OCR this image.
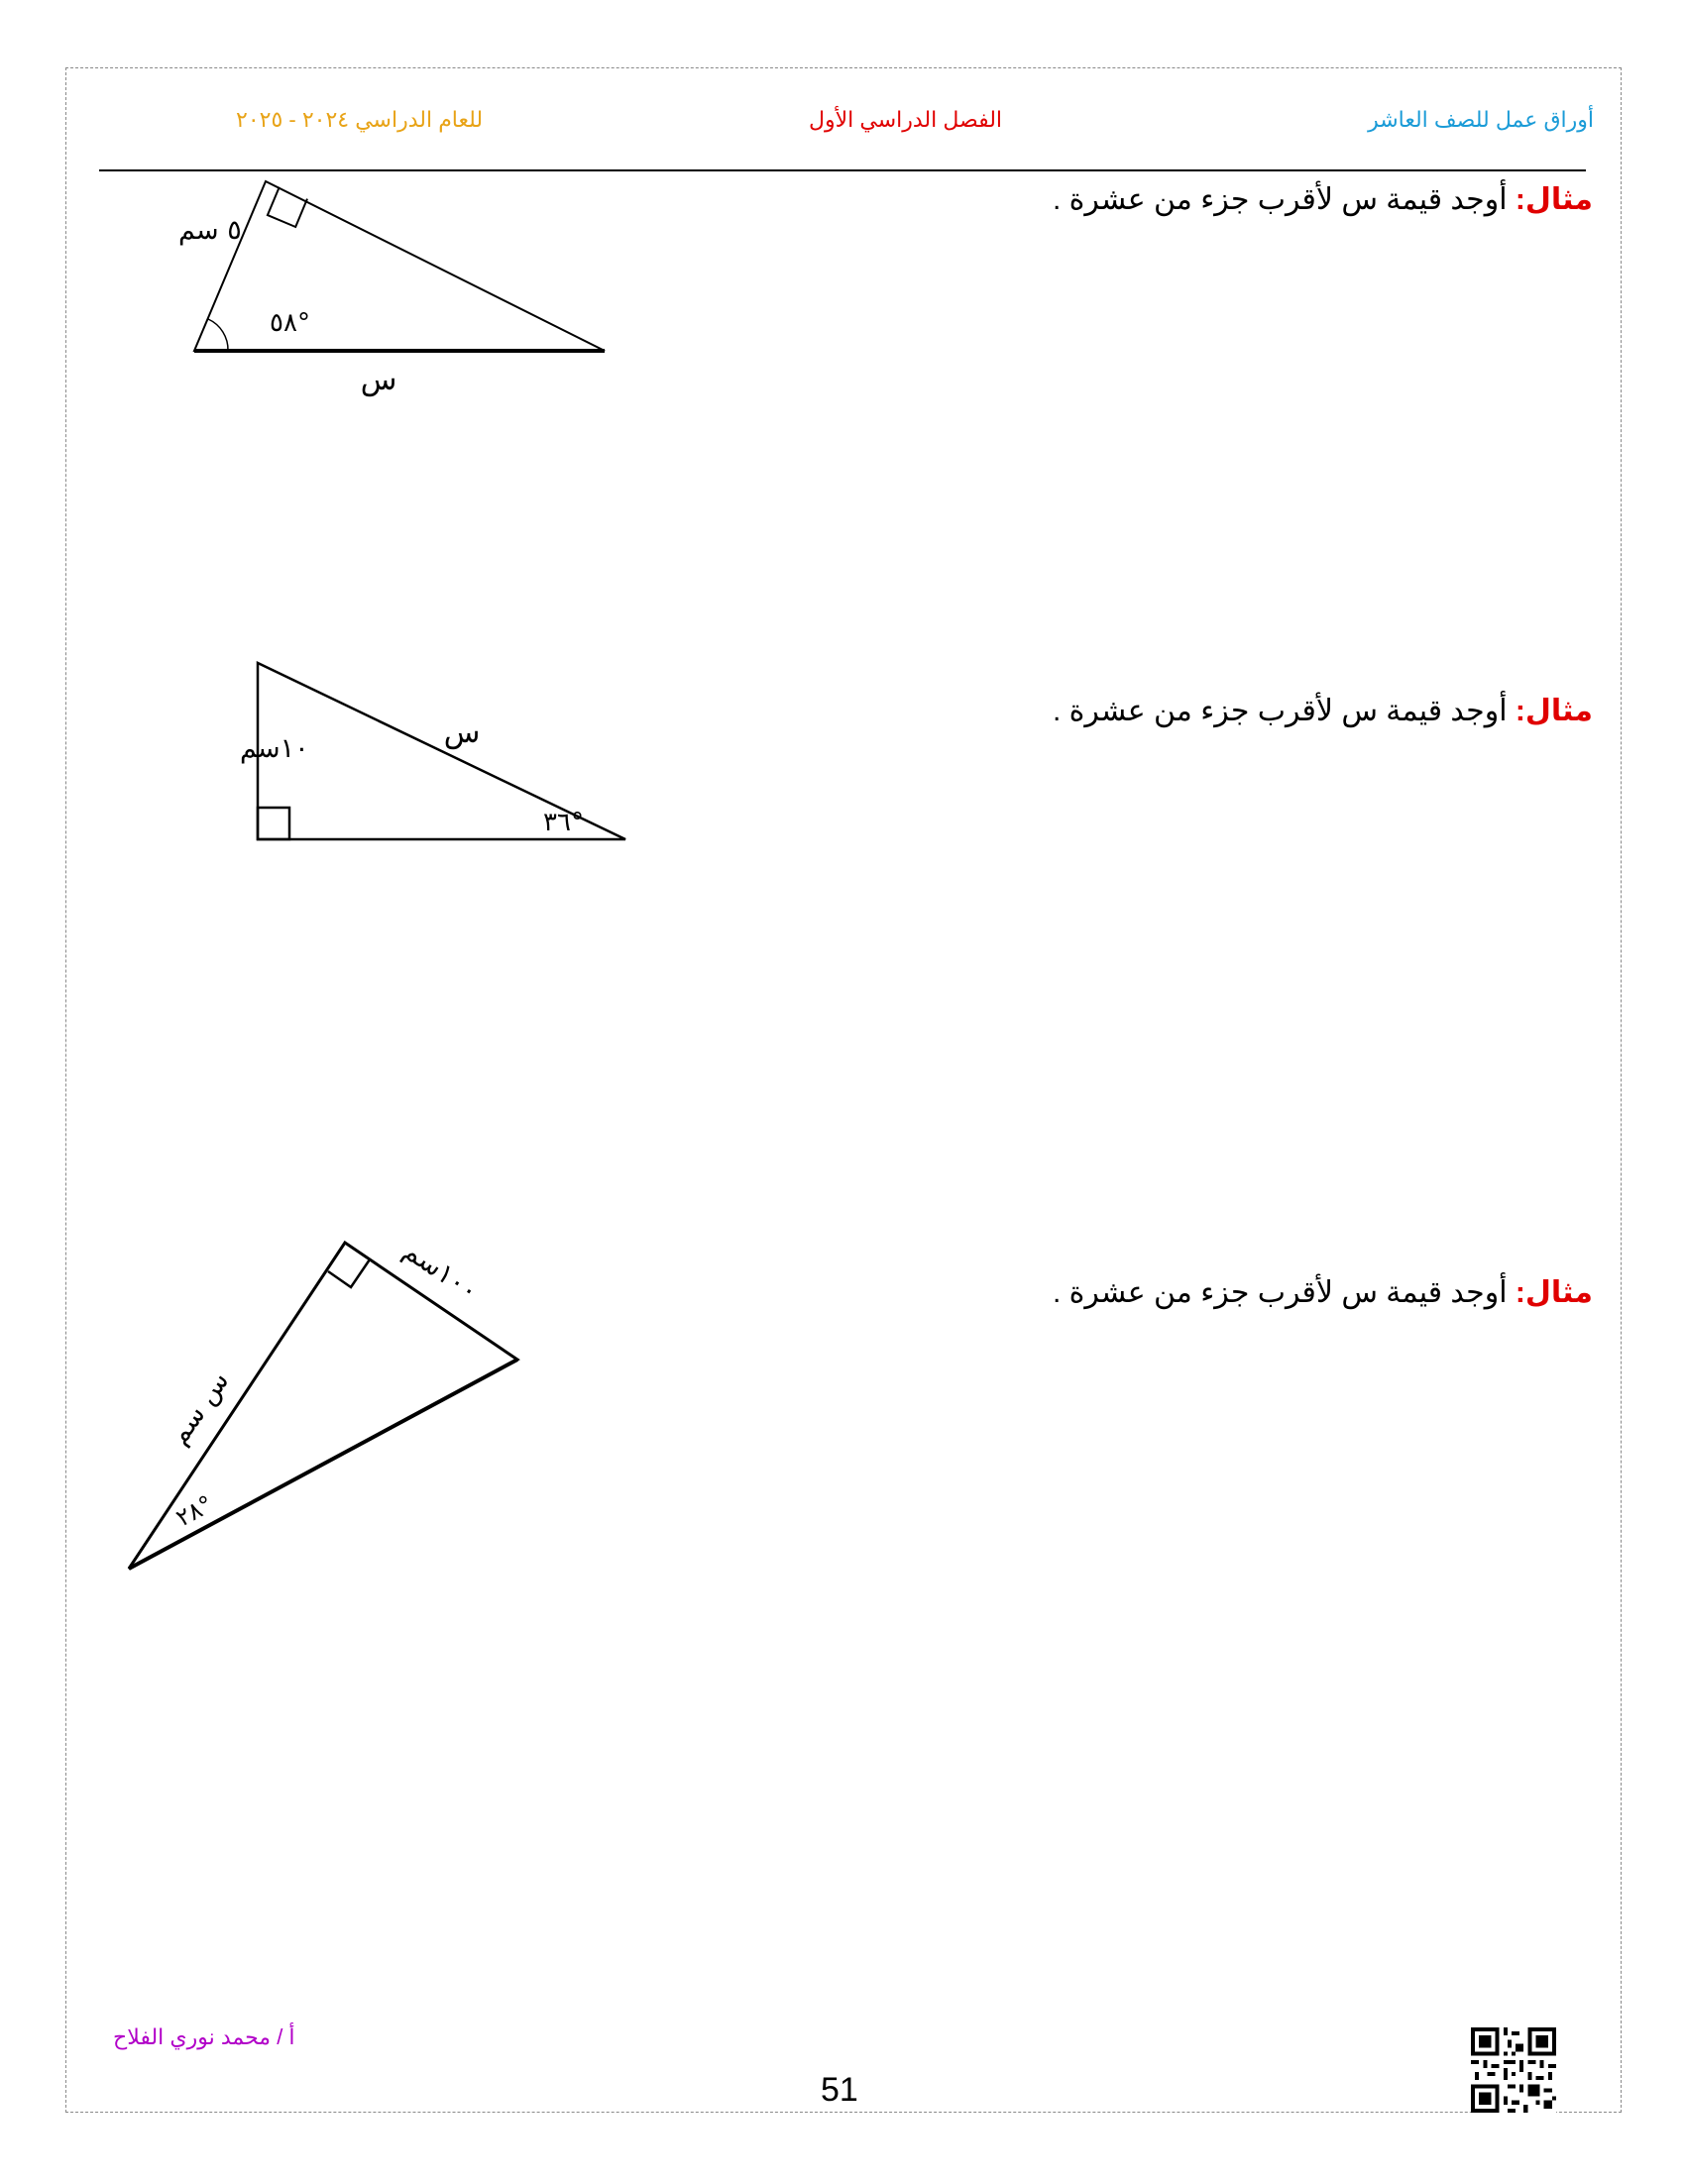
أوراق عمل للصف العاشر
الفصل الدراسي الأول
للعام الدراسي ٢٠٢٤ - ٢٠٢٥
مثال: أوجد قيمة س لأقرب جزء من عشرة .
٥ سم
°٥٨
س
مثال: أوجد قيمة س لأقرب جزء من عشرة .
١٠سم	س
°٣٦
مثال: أوجد قيمة س لأقرب جزء من عشرة .
١٠٠سم
س سم
°٢٨
أ / محمد نوري الفلاح
51
